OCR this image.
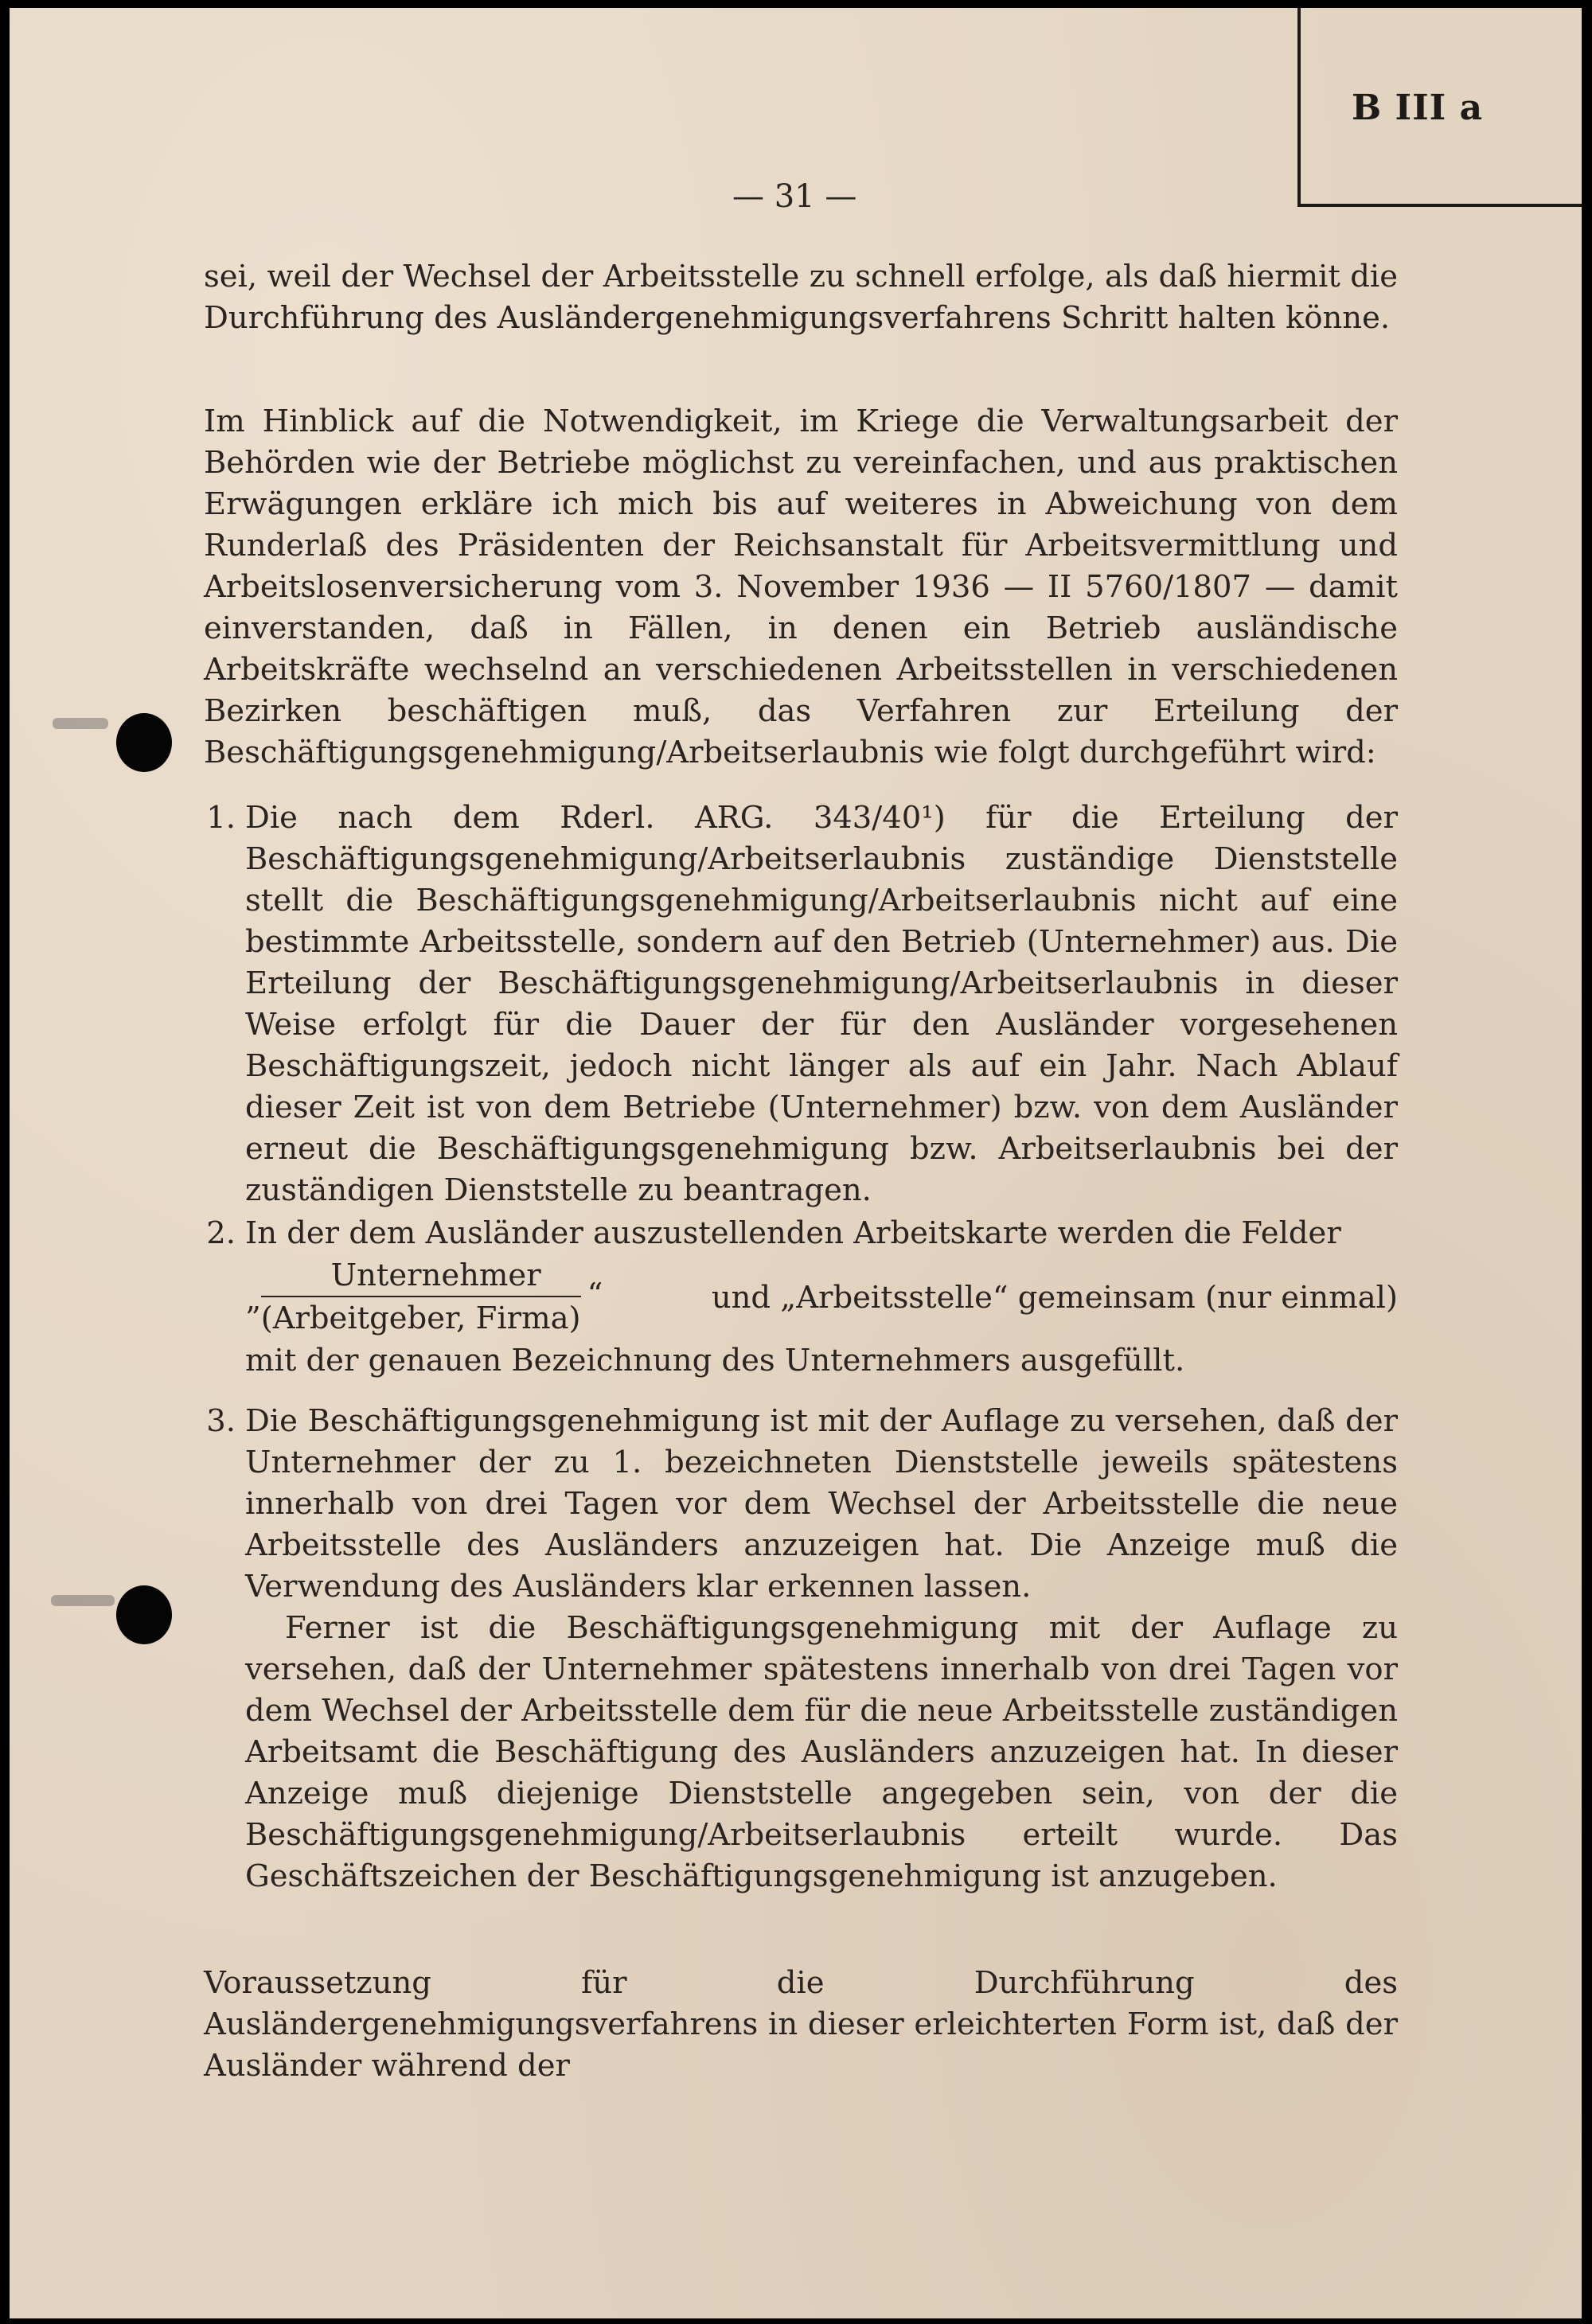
B III a
— 31 —

sei, weil der Wechsel der Arbeitsstelle zu schnell erfolge, als daß hiermit die Durchführung des Ausländergenehmigungsverfahrens Schritt halten könne.

Im Hinblick auf die Notwendigkeit, im Kriege die Verwaltungsarbeit der Behörden wie der Betriebe möglichst zu vereinfachen, und aus praktischen Erwägungen erkläre ich mich bis auf weiteres in Abweichung von dem Runderlaß des Präsidenten der Reichsanstalt für Arbeitsvermittlung und Arbeitslosenversicherung vom 3. November 1936 — II 5760/1807 — damit einverstanden, daß in Fällen, in denen ein Betrieb ausländische Arbeitskräfte wechselnd an verschiedenen Arbeitsstellen in verschiedenen Bezirken beschäftigen muß, das Verfahren zur Erteilung der Beschäftigungsgenehmigung/Arbeitserlaubnis wie folgt durchgeführt wird:

1. Die nach dem Rderl. ARG. 343/40¹) für die Erteilung der Beschäftigungsgenehmigung/Arbeitserlaubnis zuständige Dienststelle stellt die Beschäftigungsgenehmigung/Arbeitserlaubnis nicht auf eine bestimmte Arbeitsstelle, sondern auf den Betrieb (Unternehmer) aus. Die Erteilung der Beschäftigungsgenehmigung/Arbeitserlaubnis in dieser Weise erfolgt für die Dauer der für den Ausländer vorgesehenen Beschäftigungszeit, jedoch nicht länger als auf ein Jahr. Nach Ablauf dieser Zeit ist von dem Betriebe (Unternehmer) bzw. von dem Ausländer erneut die Beschäftigungsgenehmigung bzw. Arbeitserlaubnis bei der zuständigen Dienststelle zu beantragen.

2. In der dem Ausländer auszustellenden Arbeitskarte werden die Felder

” $\frac{\text{Unternehmer}}{\text{(Arbeitgeber, Firma)}}$ “	und „Arbeitsstelle“ gemeinsam (nur einmal)

mit der genauen Bezeichnung des Unternehmers ausgefüllt.

3. Die Beschäftigungsgenehmigung ist mit der Auflage zu versehen, daß der Unternehmer der zu 1. bezeichneten Dienststelle jeweils spätestens innerhalb von drei Tagen vor dem Wechsel der Arbeitsstelle die neue Arbeitsstelle des Ausländers anzuzeigen hat. Die Anzeige muß die Verwendung des Ausländers klar erkennen lassen.

Ferner ist die Beschäftigungsgenehmigung mit der Auflage zu versehen, daß der Unternehmer spätestens innerhalb von drei Tagen vor dem Wechsel der Arbeitsstelle dem für die neue Arbeitsstelle zuständigen Arbeitsamt die Beschäftigung des Ausländers anzuzeigen hat. In dieser Anzeige muß diejenige Dienststelle angegeben sein, von der die Beschäftigungsgenehmigung/Arbeitserlaubnis erteilt wurde. Das Geschäftszeichen der Beschäftigungsgenehmigung ist anzugeben.

Voraussetzung für die Durchführung des Ausländergenehmigungsverfahrens in dieser erleichterten Form ist, daß der Ausländer während der
